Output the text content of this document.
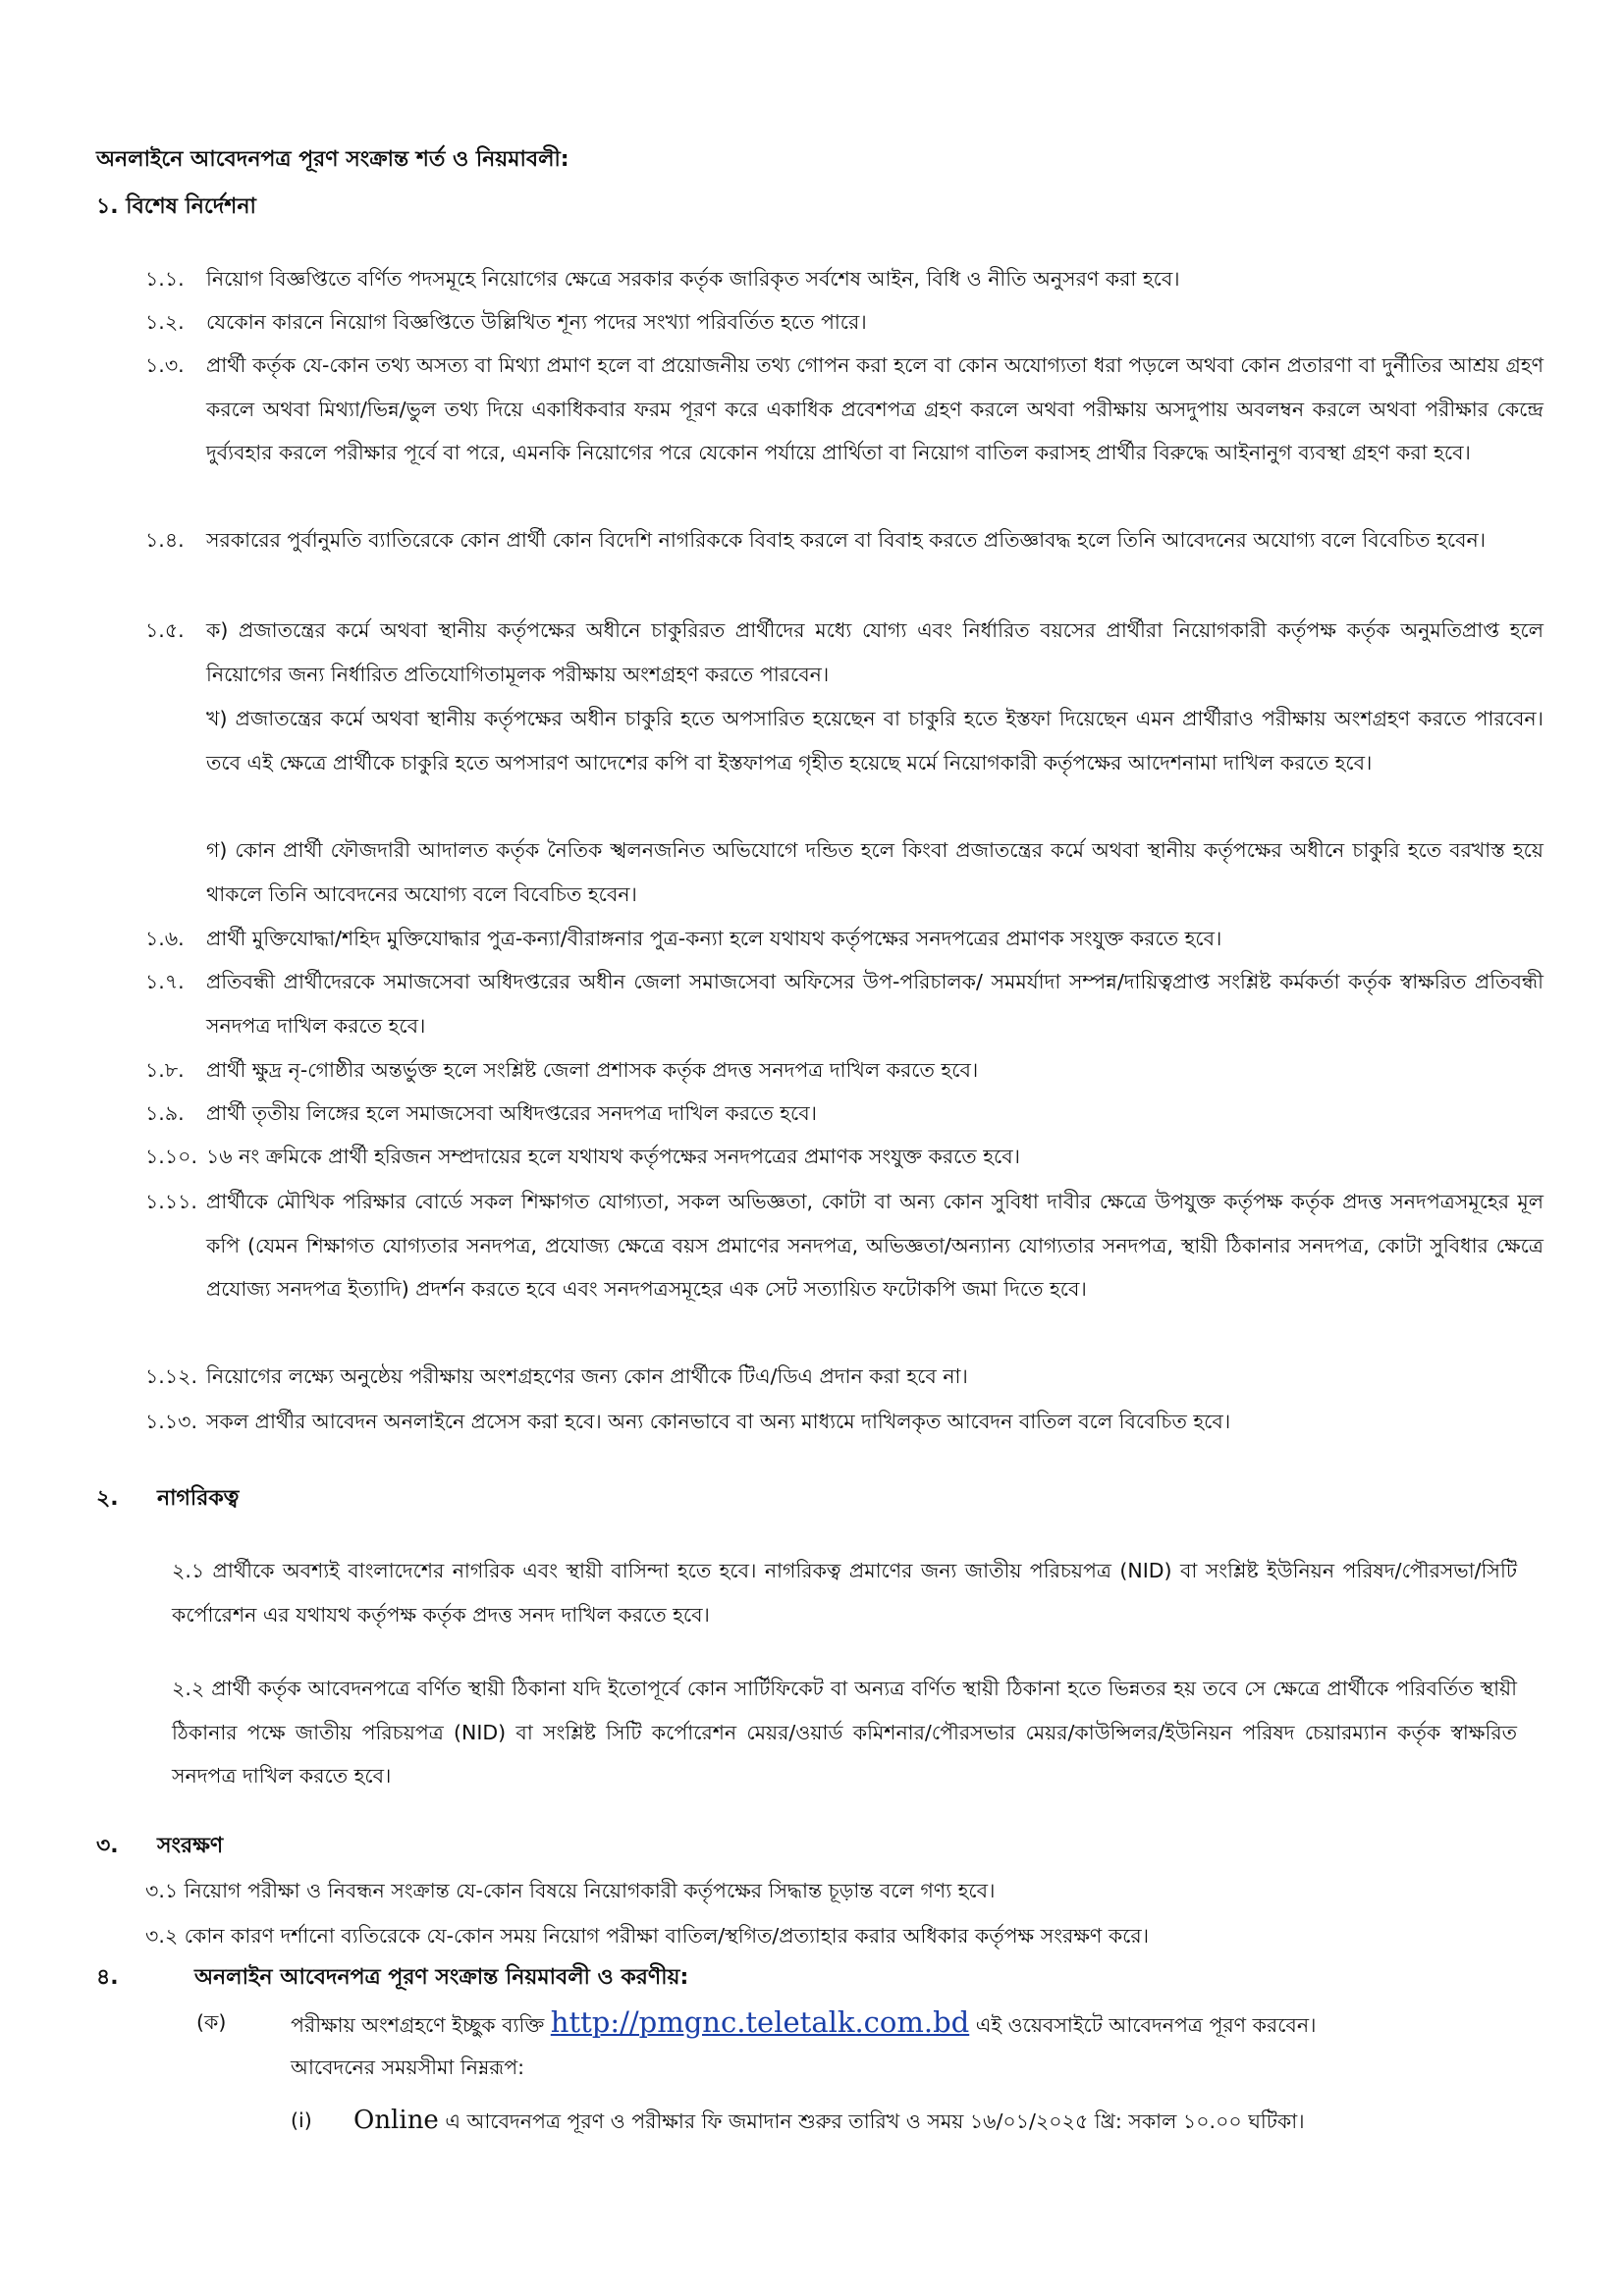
অনলাইনে আবেদনপত্র পূরণ সংক্রান্ত শর্ত ও নিয়মাবলী:
১. বিশেষ নির্দেশনা
১.১.	নিয়োগ বিজ্ঞপ্তিতে বর্ণিত পদসমূহে নিয়োগের ক্ষেত্রে সরকার কর্তৃক জারিকৃত সর্বশেষ আইন, বিধি ও নীতি অনুসরণ করা হবে।
১.২.	যেকোন কারনে নিয়োগ বিজ্ঞপ্তিতে উল্লিখিত শূন্য পদের সংখ্যা পরিবর্তিত হতে পারে।
১.৩.	প্রার্থী কর্তৃক যে-কোন তথ্য অসত্য বা মিথ্যা প্রমাণ হলে বা প্রয়োজনীয় তথ্য গোপন করা হলে বা কোন অযোগ্যতা ধরা পড়লে অথবা কোন প্রতারণা বা দুর্নীতির আশ্রয় গ্রহণ করলে অথবা মিথ্যা/ভিন্ন/ভুল তথ্য দিয়ে একাধিকবার ফরম পূরণ করে একাধিক প্রবেশপত্র গ্রহণ করলে অথবা পরীক্ষায় অসদুপায় অবলম্বন করলে অথবা পরীক্ষার কেন্দ্রে দুর্ব্যবহার করলে পরীক্ষার পূর্বে বা পরে, এমনকি নিয়োগের পরে যেকোন পর্যায়ে প্রার্থিতা বা নিয়োগ বাতিল করাসহ প্রার্থীর বিরুদ্ধে আইনানুগ ব্যবস্থা গ্রহণ করা হবে।
১.৪.	সরকারের পুর্বানুমতি ব্যাতিরেকে কোন প্রার্থী কোন বিদেশি নাগরিককে বিবাহ করলে বা বিবাহ করতে প্রতিজ্ঞাবদ্ধ হলে তিনি আবেদনের অযোগ্য বলে বিবেচিত হবেন।
১.৫.	ক) প্রজাতন্ত্রের কর্মে অথবা স্থানীয় কর্তৃপক্ষের অধীনে চাকুরিরত প্রার্থীদের মধ্যে যোগ্য এবং নির্ধারিত বয়সের প্রার্থীরা নিয়োগকারী কর্তৃপক্ষ কর্তৃক অনুমতিপ্রাপ্ত হলে নিয়োগের জন্য নির্ধারিত প্রতিযোগিতামূলক পরীক্ষায় অংশগ্রহণ করতে পারবেন।
খ) প্রজাতন্ত্রের কর্মে অথবা স্থানীয় কর্তৃপক্ষের অধীন চাকুরি হতে অপসারিত হয়েছেন বা চাকুরি হতে ইস্তফা দিয়েছেন এমন প্রার্থীরাও পরীক্ষায় অংশগ্রহণ করতে পারবেন। তবে এই ক্ষেত্রে প্রার্থীকে চাকুরি হতে অপসারণ আদেশের কপি বা ইস্তফাপত্র গৃহীত হয়েছে মর্মে নিয়োগকারী কর্তৃপক্ষের আদেশনামা দাখিল করতে হবে।
গ) কোন প্রার্থী ফৌজদারী আদালত কর্তৃক নৈতিক স্খলনজনিত অভিযোগে দন্ডিত হলে কিংবা প্রজাতন্ত্রের কর্মে অথবা স্থানীয় কর্তৃপক্ষের অধীনে চাকুরি হতে বরখাস্ত হয়ে থাকলে তিনি আবেদনের অযোগ্য বলে বিবেচিত হবেন।
১.৬.	প্রার্থী মুক্তিযোদ্ধা/শহিদ মুক্তিযোদ্ধার পুত্র-কন্যা/বীরাঙ্গনার পুত্র-কন্যা হলে যথাযথ কর্তৃপক্ষের সনদপত্রের প্রমাণক সংযুক্ত করতে হবে।
১.৭.	প্রতিবন্ধী প্রার্থীদেরকে সমাজসেবা অধিদপ্তরের অধীন জেলা সমাজসেবা অফিসের উপ-পরিচালক/ সমমর্যাদা সম্পন্ন/দায়িত্বপ্রাপ্ত সংশ্লিষ্ট কর্মকর্তা কর্তৃক স্বাক্ষরিত প্রতিবন্ধী সনদপত্র দাখিল করতে হবে।
১.৮.	প্রার্থী ক্ষুদ্র নৃ-গোষ্ঠীর অন্তর্ভুক্ত হলে সংশ্লিষ্ট জেলা প্রশাসক কর্তৃক প্রদত্ত সনদপত্র দাখিল করতে হবে।
১.৯.	প্রার্থী তৃতীয় লিঙ্গের হলে সমাজসেবা অধিদপ্তরের সনদপত্র দাখিল করতে হবে।
১.১০. ১৬ নং ক্রমিকে প্রার্থী হরিজন সম্প্রদায়ের হলে যথাযথ কর্তৃপক্ষের সনদপত্রের প্রমাণক সংযুক্ত করতে হবে।
১.১১. প্রার্থীকে মৌখিক পরিক্ষার বোর্ডে সকল শিক্ষাগত যোগ্যতা, সকল অভিজ্ঞতা, কোটা বা অন্য কোন সুবিধা দাবীর ক্ষেত্রে উপযুক্ত কর্তৃপক্ষ কর্তৃক প্রদত্ত সনদপত্রসমূহের মূল কপি (যেমন শিক্ষাগত যোগ্যতার সনদপত্র, প্রযোজ্য ক্ষেত্রে বয়স প্রমাণের সনদপত্র, অভিজ্ঞতা/অন্যান্য যোগ্যতার সনদপত্র, স্থায়ী ঠিকানার সনদপত্র, কোটা সুবিধার ক্ষেত্রে প্রযোজ্য সনদপত্র ইত্যাদি) প্রদর্শন করতে হবে এবং সনদপত্রসমূহের এক সেট সত্যায়িত ফটোকপি জমা দিতে হবে।
১.১২. নিয়োগের লক্ষ্যে অনুষ্ঠেয় পরীক্ষায় অংশগ্রহণের জন্য কোন প্রার্থীকে টিএ/ডিএ প্রদান করা হবে না।
১.১৩. সকল প্রার্থীর আবেদন অনলাইনে প্রসেস করা হবে। অন্য কোনভাবে বা অন্য মাধ্যমে দাখিলকৃত আবেদন বাতিল বলে বিবেচিত হবে।
২. নাগরিকত্ব
২.১ প্রার্থীকে অবশ্যই বাংলাদেশের নাগরিক এবং স্থায়ী বাসিন্দা হতে হবে। নাগরিকত্ব প্রমাণের জন্য জাতীয় পরিচয়পত্র (NID) বা সংশ্লিষ্ট ইউনিয়ন পরিষদ/পৌরসভা/সিটি কর্পোরেশন এর যথাযথ কর্তৃপক্ষ কর্তৃক প্রদত্ত সনদ দাখিল করতে হবে।
২.২ প্রার্থী কর্তৃক আবেদনপত্রে বর্ণিত স্থায়ী ঠিকানা যদি ইতোপূর্বে কোন সার্টিফিকেট বা অন্যত্র বর্ণিত স্থায়ী ঠিকানা হতে ভিন্নতর হয় তবে সে ক্ষেত্রে প্রার্থীকে পরিবর্তিত স্থায়ী ঠিকানার পক্ষে জাতীয় পরিচয়পত্র (NID) বা সংশ্লিষ্ট সিটি কর্পোরেশন মেয়র/ওয়ার্ড কমিশনার/পৌরসভার মেয়র/কাউন্সিলর/ইউনিয়ন পরিষদ চেয়ারম্যান কর্তৃক স্বাক্ষরিত সনদপত্র দাখিল করতে হবে।
৩. সংরক্ষণ
৩.১ নিয়োগ পরীক্ষা ও নিবন্ধন সংক্রান্ত যে-কোন বিষয়ে নিয়োগকারী কর্তৃপক্ষের সিদ্ধান্ত চূড়ান্ত বলে গণ্য হবে।
৩.২ কোন কারণ দর্শানো ব্যতিরেকে যে-কোন সময় নিয়োগ পরীক্ষা বাতিল/স্থগিত/প্রত্যাহার করার অধিকার কর্তৃপক্ষ সংরক্ষণ করে।
৪.	অনলাইন আবেদনপত্র পূরণ সংক্রান্ত নিয়মাবলী ও করণীয়:
(ক)	পরীক্ষায় অংশগ্রহণে ইচ্ছুক ব্যক্তি http://pmgnc.teletalk.com.bd এই ওয়েবসাইটে আবেদনপত্র পূরণ করবেন।
আবেদনের সময়সীমা নিম্নরূপ:
(i) Online এ আবেদনপত্র পূরণ ও পরীক্ষার ফি জমাদান শুরুর তারিখ ও সময় ১৬/০১/২০২৫ খ্রি: সকাল ১০.০০ ঘটিকা।
